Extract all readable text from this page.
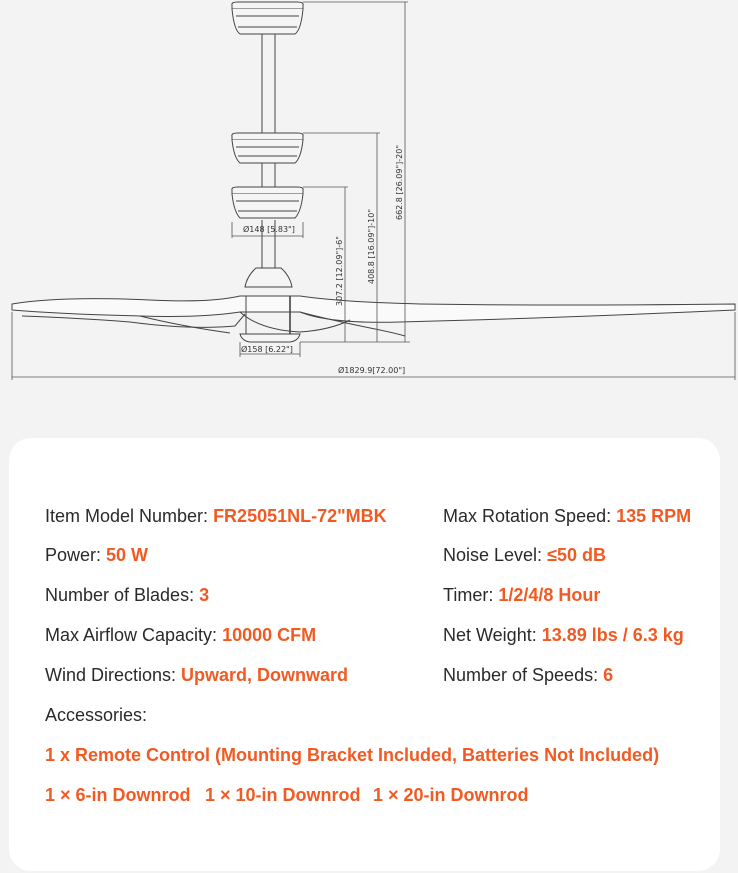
Ø148 [5.83"]
Ø158 [6.22"]
Ø1829.9[72.00"]
307.2 [12.09"]-6"	408.8 [16.09"]-10"
662.8 [26.09"]-20"
Item Model Number: FR25051NL-72"MBK
Power: 50 W
Number of Blades: 3
Max Airflow Capacity: 10000 CFM
Wind Directions: Upward, Downward
Max Rotation Speed: 135 RPM
Noise Level: ≤50 dB
Timer: 1/2/4/8 Hour
Net Weight: 13.89 lbs / 6.3 kg
Number of Speeds: 6
Accessories:
1 x Remote Control (Mounting Bracket Included, Batteries Not Included)
1 × 6-in Downrod 1 × 10-in Downrod 1 × 20-in Downrod
